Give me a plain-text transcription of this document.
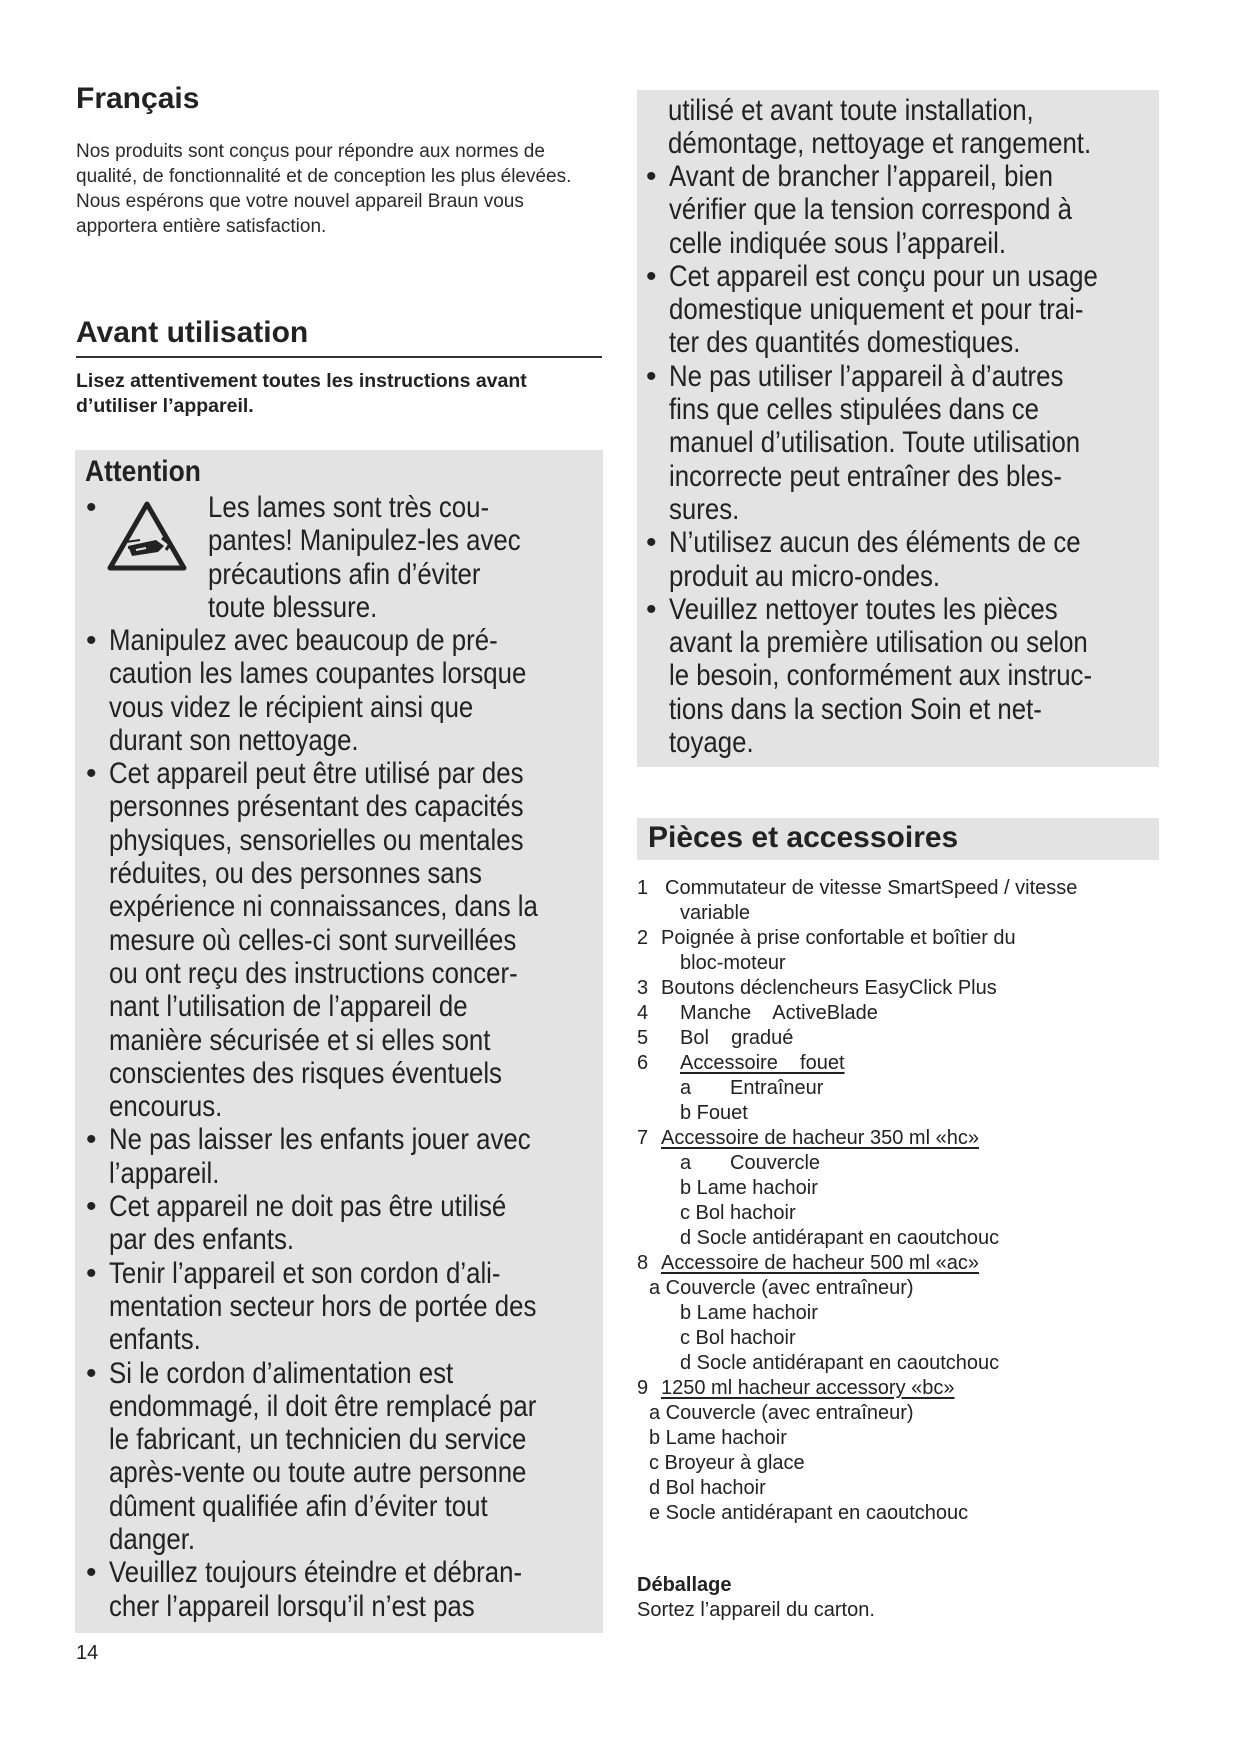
Français

Nos produits sont conçus pour répondre aux normes de qualité, de fonctionnalité et de conception les plus élevées. Nous espérons que votre nouvel appareil Braun vous apportera entière satisfaction.

Avant utilisation

Lisez attentivement toutes les instructions avant d’utiliser l’appareil.

Attention
•	Les lames sont très cou-
pantes! Manipulez-les avec
précautions afin d’éviter
toute blessure.
• Manipulez avec beaucoup de pré-
caution les lames coupantes lorsque
vous videz le récipient ainsi que
durant son nettoyage.
• Cet appareil peut être utilisé par des
personnes présentant des capacités
physiques, sensorielles ou mentales
réduites, ou des personnes sans
expérience ni connaissances, dans la
mesure où celles-ci sont surveillées
ou ont reçu des instructions concer-
nant l’utilisation de l’appareil de
manière sécurisée et si elles sont
conscientes des risques éventuels
encourus.
• Ne pas laisser les enfants jouer avec
l’appareil.
• Cet appareil ne doit pas être utilisé
par des enfants.
• Tenir l’appareil et son cordon d’ali-
mentation secteur hors de portée des
enfants.
• Si le cordon d’alimentation est
endommagé, il doit être remplacé par
le fabricant, un technicien du service
après-vente ou toute autre personne
dûment qualifiée afin d’éviter tout
danger.
• Veuillez toujours éteindre et débran-
cher l’appareil lorsqu’il n’est pas

14

utilisé et avant toute installation,
démontage, nettoyage et rangement.
• Avant de brancher l’appareil, bien
vérifier que la tension correspond à
celle indiquée sous l’appareil.
• Cet appareil est conçu pour un usage
domestique uniquement et pour trai-
ter des quantités domestiques.
• Ne pas utiliser l’appareil à d’autres
fins que celles stipulées dans ce
manuel d’utilisation. Toute utilisation
incorrecte peut entraîner des bles-
sures.
• N’utilisez aucun des éléments de ce
produit au micro-ondes.
• Veuillez nettoyer toutes les pièces
avant la première utilisation ou selon
le besoin, conformément aux instruc-
tions dans la section Soin et net-
toyage.
Pièces et accessoires
1 Commutateur de vitesse SmartSpeed / vitesse
variable
2 Poignée à prise confortable et boîtier du
bloc-moteur
3 Boutons déclencheurs EasyClick Plus
4 Manche    ActiveBlade
5 Bol    gradué
6 Accessoire    fouet
a       Entraîneur
b Fouet
7 Accessoire de hacheur 350 ml «hc»
a       Couvercle
b Lame hachoir
c Bol hachoir
d Socle antidérapant en caoutchouc
8 Accessoire de hacheur 500 ml «ac»
a Couvercle (avec entraîneur)
b Lame hachoir
c Bol hachoir
d Socle antidérapant en caoutchouc
9 1250 ml hacheur accessory «bc»
a Couvercle (avec entraîneur)
b Lame hachoir
c Broyeur à glace
d Bol hachoir
e Socle antidérapant en caoutchouc

Déballage

Sortez l’appareil du carton.
